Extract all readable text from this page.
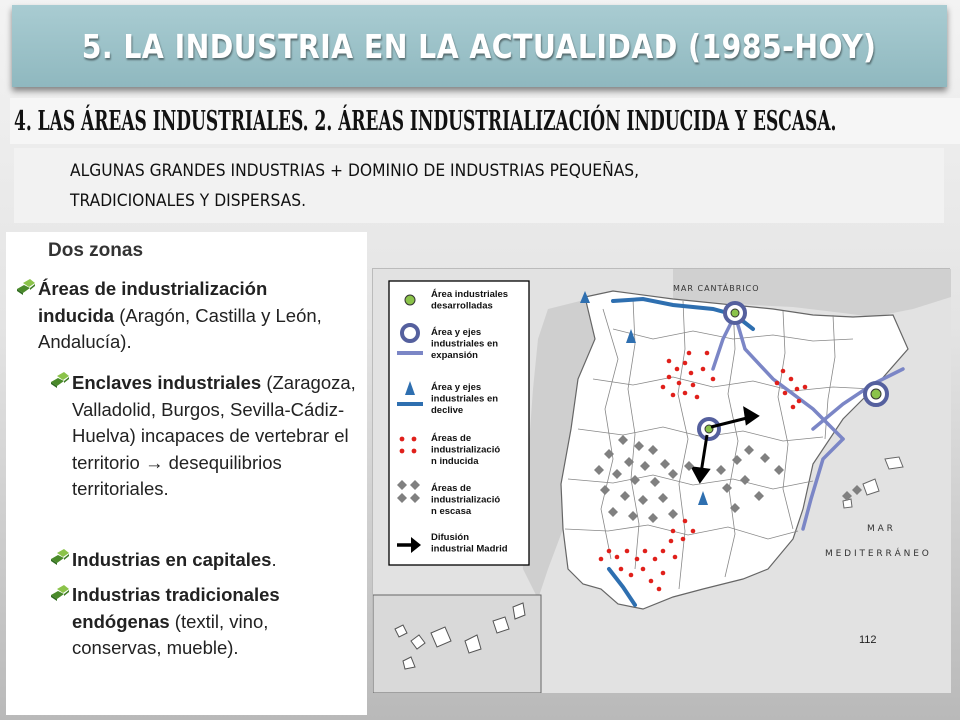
5. LA INDUSTRIA EN LA ACTUALIDAD (1985-HOY)
4. LAS ÁREAS INDUSTRIALES. 2. ÁREAS INDUSTRIALIZACIÓN INDUCIDA Y ESCASA.

ALGUNAS GRANDES INDUSTRIAS + DOMINIO DE INDUSTRIAS PEQUEÑAS,

TRADICIONALES Y DISPERSAS.

Dos zonas
Áreas de industrialización inducida (Aragón, Castilla y León, Andalucía).
Enclaves industriales (Zaragoza, Valladolid, Burgos, Sevilla-Cádiz-Huelva) incapaces de vertebrar el territorio → desequilibrios territoriales.
Industrias en capitales.
Industrias tradicionales endógenas (textil, vino, conservas, mueble).
MAR CANTÁBRICO
M A R
M E D I T E R R Á N E O
Área industriales desarrolladas
Área y ejes industriales en expansión
Área y ejes industriales en declive
Áreas de industrializació n inducida
Áreas de industrializació n escasa
Difusión industrial Madrid
112
